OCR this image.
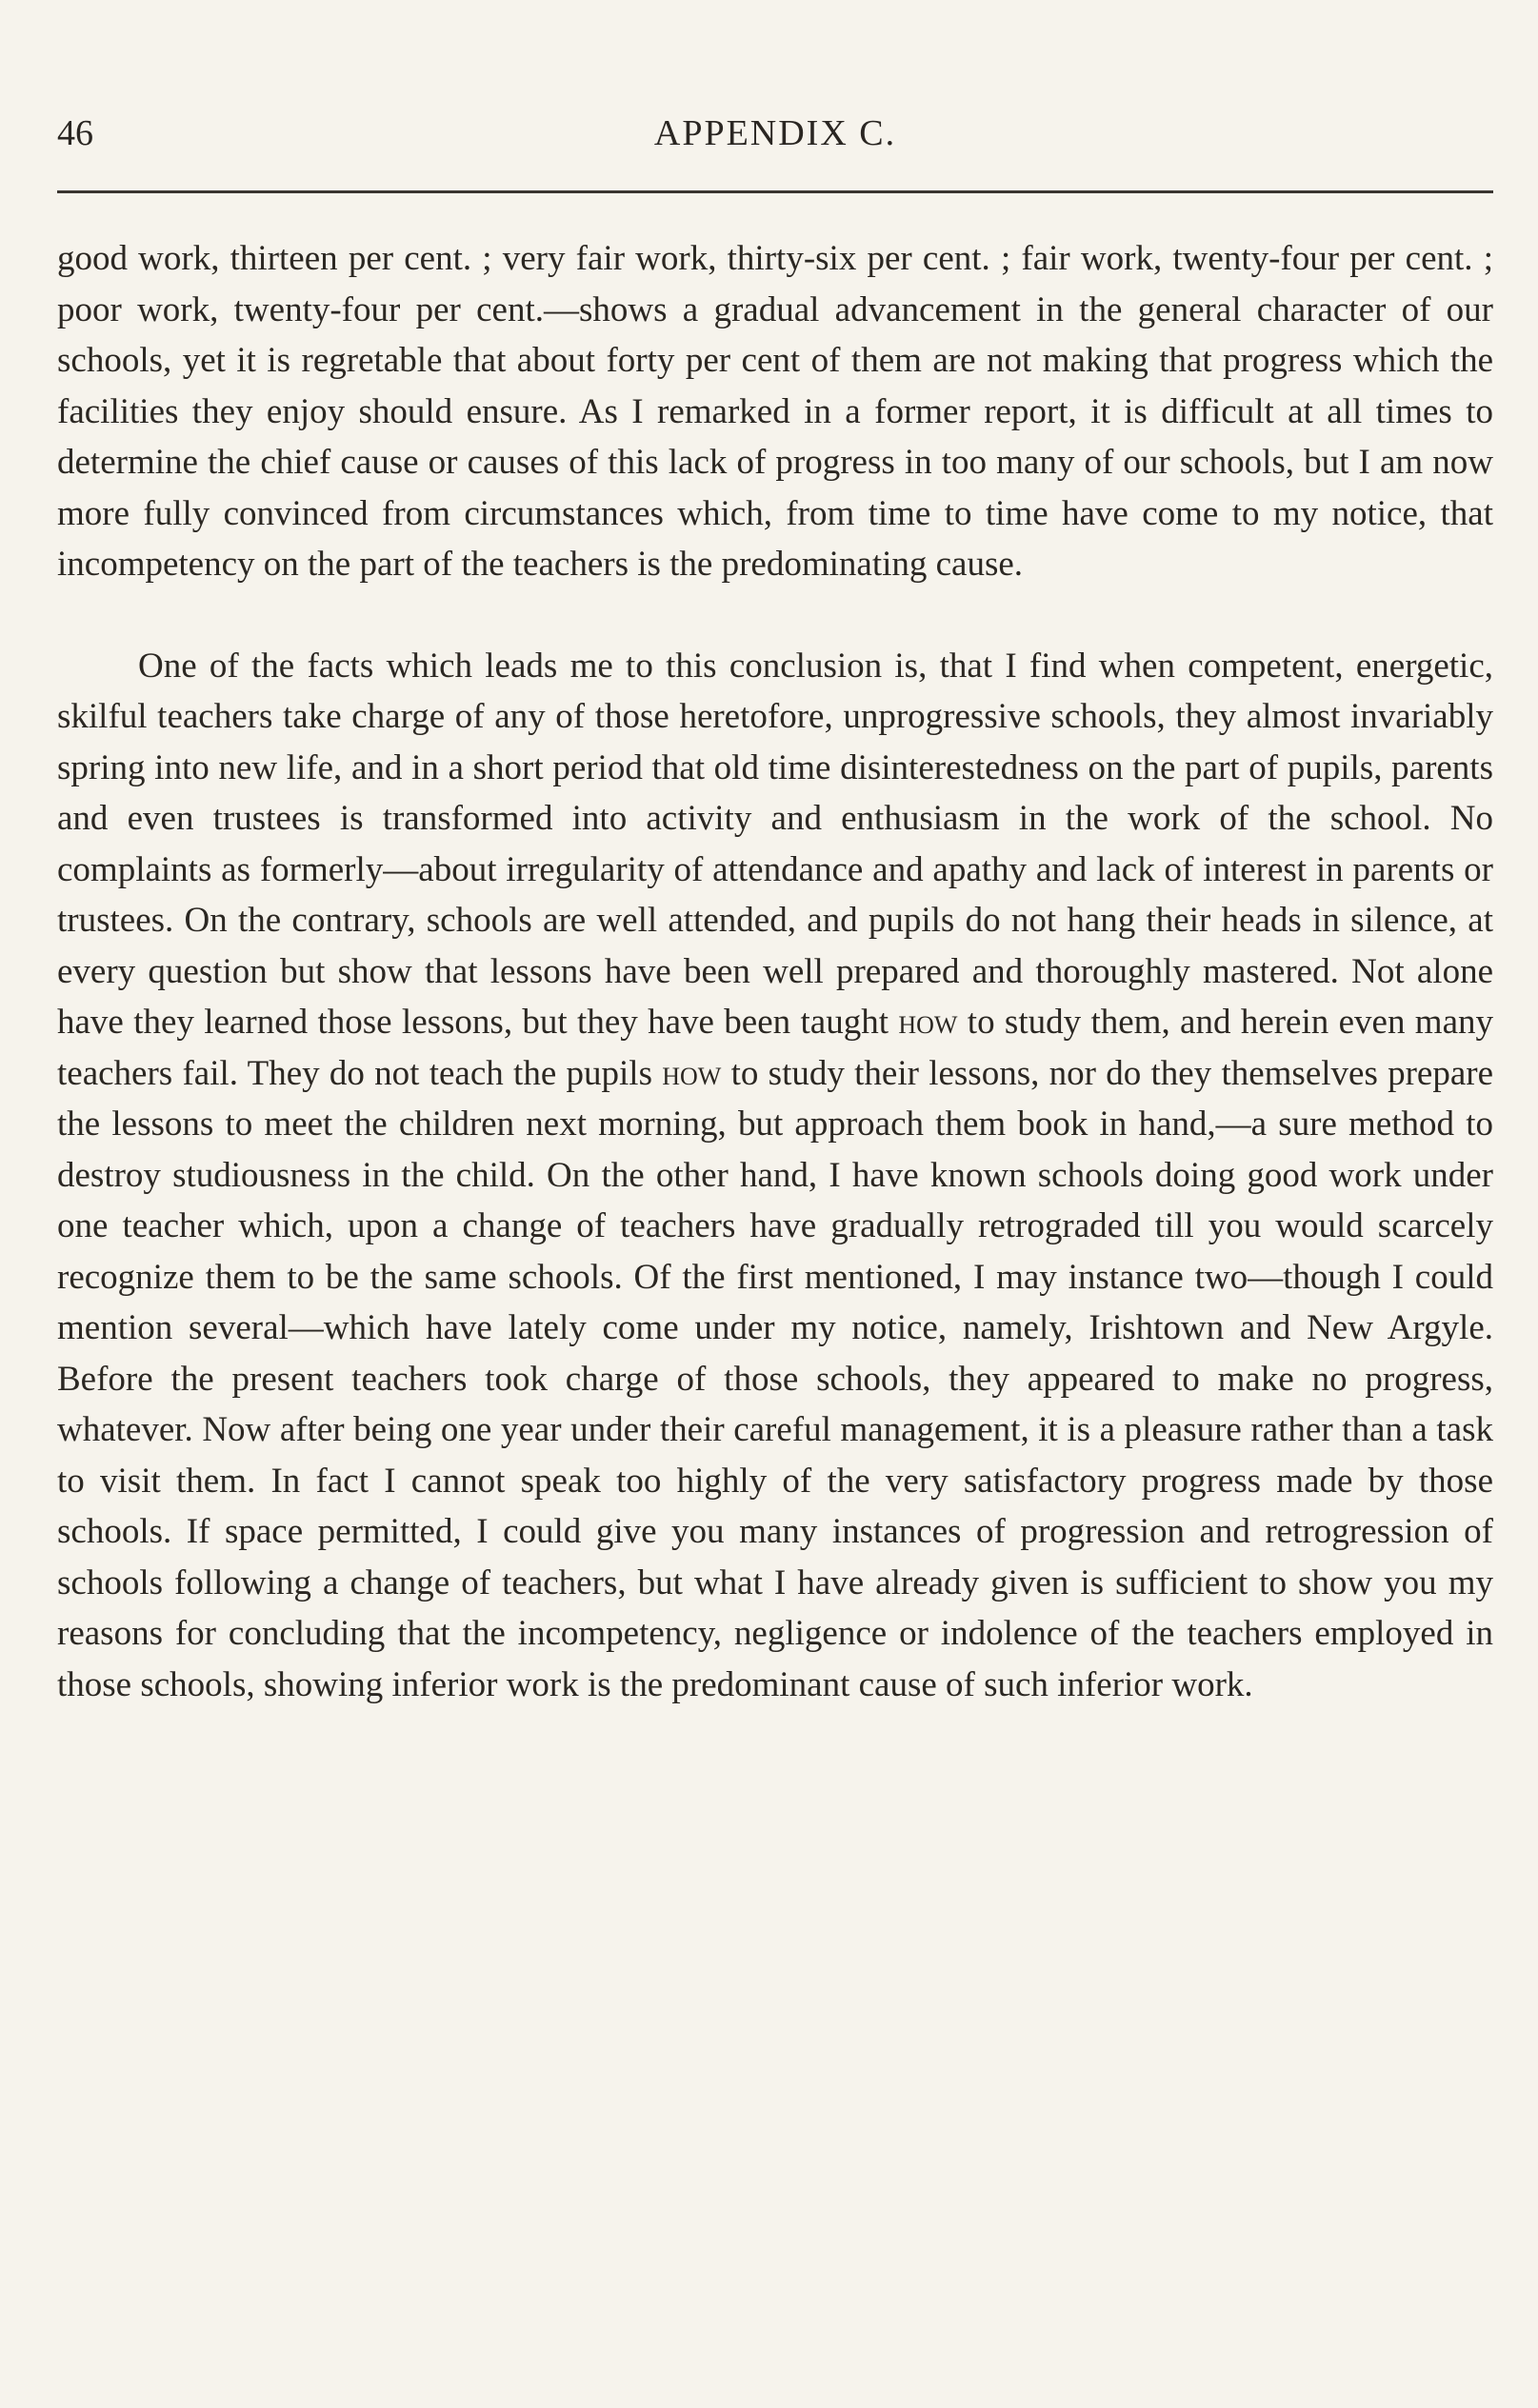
46	APPENDIX C.

good work, thirteen per cent. ; very fair work, thirty-six per cent. ; fair work, twenty-four per cent. ; poor work, twenty-four per cent.—shows a gradual advancement in the general character of our schools, yet it is regretable that about forty per cent of them are not making that progress which the facilities they enjoy should ensure. As I remarked in a former report, it is difficult at all times to determine the chief cause or causes of this lack of progress in too many of our schools, but I am now more fully convinced from circumstances which, from time to time have come to my notice, that incompetency on the part of the teachers is the predominating cause.

One of the facts which leads me to this conclusion is, that I find when competent, energetic, skilful teachers take charge of any of those heretofore, unprogressive schools, they almost invariably spring into new life, and in a short period that old time disinterestedness on the part of pupils, parents and even trustees is transformed into activity and enthusiasm in the work of the school. No complaints as formerly—about irregularity of attendance and apathy and lack of interest in parents or trustees. On the contrary, schools are well attended, and pupils do not hang their heads in silence, at every question but show that lessons have been well prepared and thoroughly mastered. Not alone have they learned those lessons, but they have been taught how to study them, and herein even many teachers fail. They do not teach the pupils how to study their lessons, nor do they themselves prepare the lessons to meet the children next morning, but approach them book in hand,—a sure method to destroy studiousness in the child. On the other hand, I have known schools doing good work under one teacher which, upon a change of teachers have gradually retrograded till you would scarcely recognize them to be the same schools. Of the first mentioned, I may instance two—though I could mention several—which have lately come under my notice, namely, Irishtown and New Argyle. Before the present teachers took charge of those schools, they appeared to make no progress, whatever. Now after being one year under their careful management, it is a pleasure rather than a task to visit them. In fact I cannot speak too highly of the very satisfactory progress made by those schools. If space permitted, I could give you many instances of progression and retrogression of schools following a change of teachers, but what I have already given is sufficient to show you my reasons for concluding that the incompetency, negligence or indolence of the teachers employed in those schools, showing inferior work is the predominant cause of such inferior work.
